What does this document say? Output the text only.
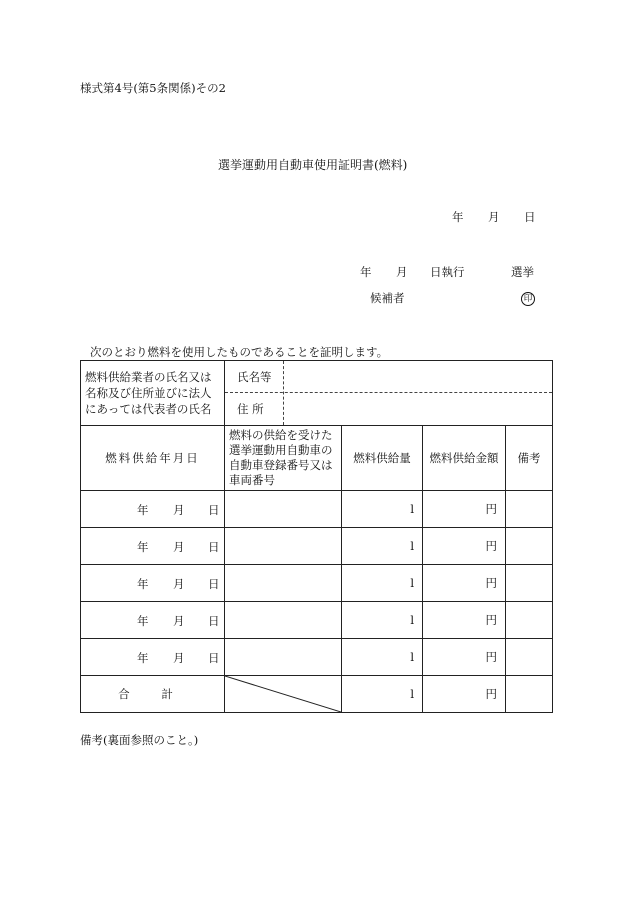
様式第4号(第5条関係)その2
選挙運動用自動車使用証明書(燃料)
年 月 日
年 月 日執行	選挙
候補者	印
次のとおり燃料を使用したものであることを証明します。
燃料供給業者の氏名又は名称及び住所並びに法人にあっては代表者の氏名	氏名等
住 所			

燃料供給年月日	燃料の供給を受けた選挙運動用自動車の自動車登録番号又は車両番号	燃料供給量	燃料供給金額	備考

年 月 日		l	円	

年 月 日		l	円	

年 月 日		l	円	

年 月 日		l	円	

年 月 日		l	円	
合 計		l	円	
備考(裏面参照のこと。)
